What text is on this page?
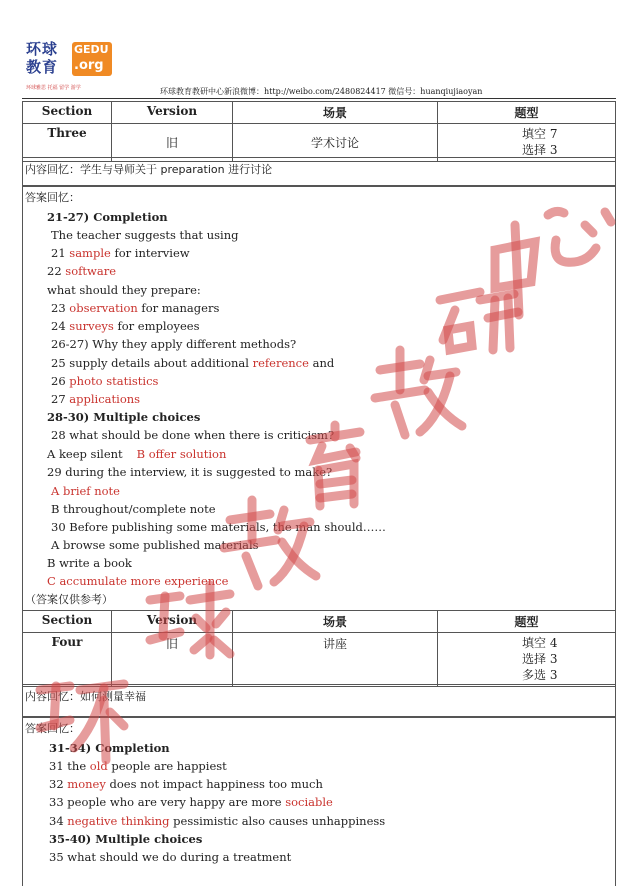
环球教育
GEDU
.org
环球雅思 托福 留学 游学	环球教育教研中心新浪微博：http://weibo.com/2480824417 微信号：huanqiujiaoyan
Section	Version	场景	题型
Three	旧	学术讨论	填空 7
选择 3
内容回忆：学生与导师关于 preparation 进行讨论
答案回忆：
21-27) Completion
The teacher suggests that using
21 sample for interview
22 software
what should they prepare:
23 observation for managers
24 surveys for employees
26-27) Why they apply different methods?
25 supply details about additional reference and
26 photo statistics
27 applications
28-30) Multiple choices
28 what should be done when there is criticism?
A keep silent B offer solution
29 during the interview, it is suggested to make?
A brief note
B throughout/complete note
30 Before publishing some materials, the man should……
A browse some published materials
B write a book
C accumulate more experience
（答案仅供参考）
Section	Version	场景	题型
Four	旧	讲座	填空 4
选择 3
多选 3
内容回忆：如何测量幸福
答案回忆：
31-34) Completion
31 the old people are happiest
32 money does not impact happiness too much
33 people who are very happy are more sociable
34 negative thinking pessimistic also causes unhappiness
35-40) Multiple choices
35 what should we do during a treatment
